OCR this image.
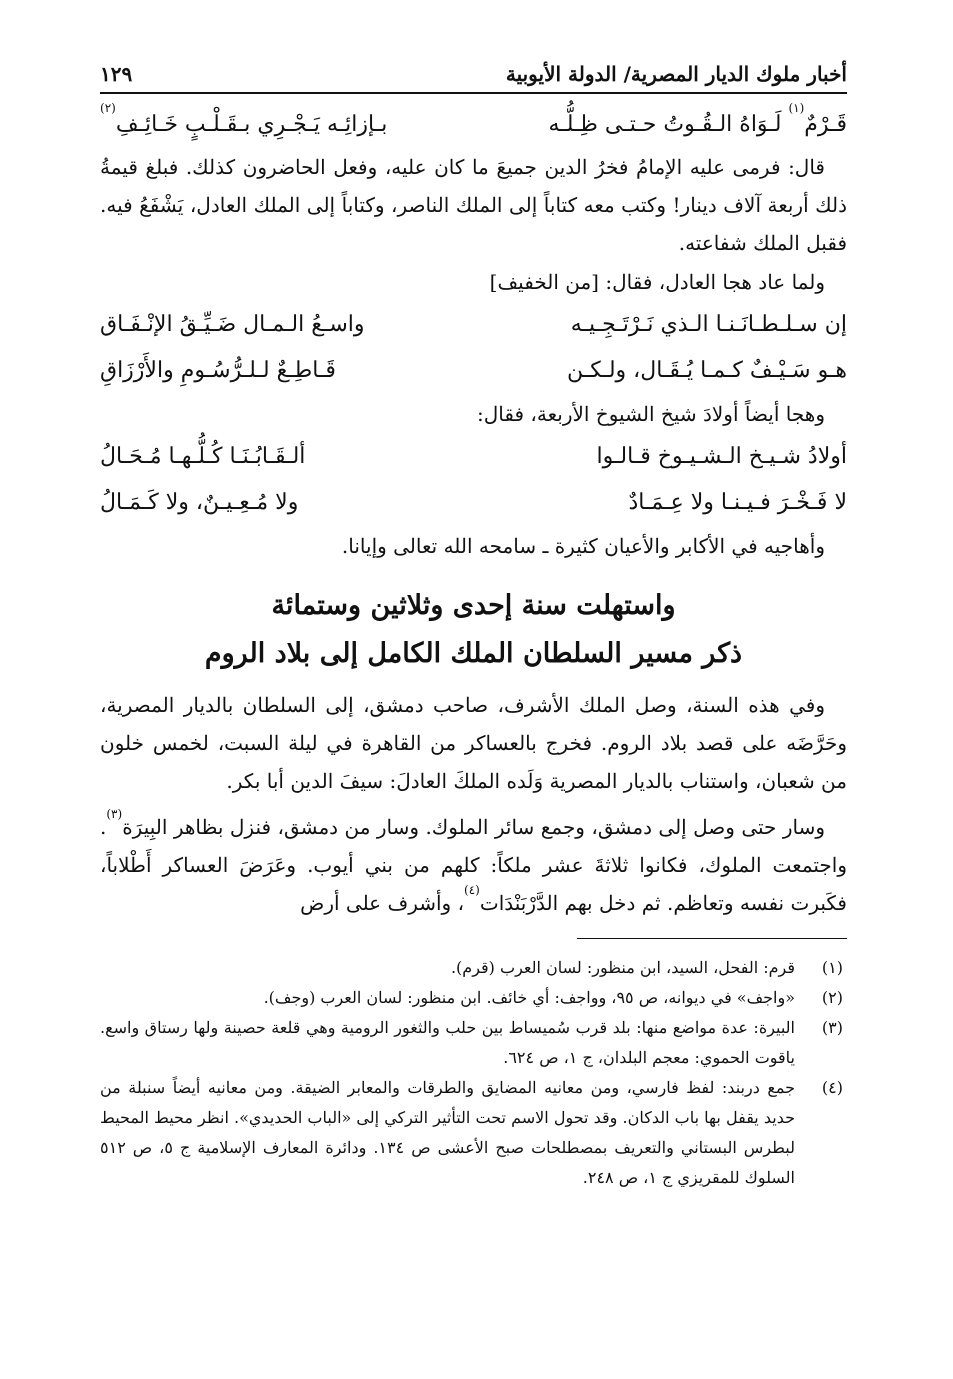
أخبار ملوك الديار المصرية/ الدولة الأيوبية
١٢٩
قَـرْمٌ$^{(١)}$ لَـوَاهُ الـقُـوتُ حـتـى ظِـلُّـه
بـإزائِـه يَـجْـرِي بـقَـلْـبٍ خَـائِـفِ$^{(٢)}$

قال: فرمى عليه الإمامُ فخرُ الدين جميعَ ما كان عليه، وفعل الحاضرون كذلك. فبلغ قيمةُ ذلك أربعة آلاف دينار! وكتب معه كتاباً إلى الملك الناصر، وكتاباً إلى الملك العادل، يَشْفَعُ فيه. فقبل الملك شفاعته.

ولما عاد هجا العادل، فقال: [من الخفيف]
إن سـلـطـانَـنـا الـذي نَـرْتَـجِـيـه
واسـعُ الـمـال ضَـيِّـقُ الإنْـفَـاق
هـو سَـيْـفٌ كـمـا يُـقَـال، ولـكـن
قَـاطِـعٌ لـلـرُّسُـومِ والأَرْزَاقِ
وهجا أيضاً أولادَ شيخ الشيوخ الأربعة، فقال:
أولادُ شـيـخ الـشـيـوخ قـالـوا
ألـقَـابُـنَـا كُـلُّـهـا مُـحَـالُ
لا فَـخْـرَ فـيـنـا ولا عِـمَـادٌ
ولا مُـعِـيـنٌ، ولا كَـمَـالُ
وأهاجيه في الأكابر والأعيان كثيرة ـ سامحه الله تعالى وإيانا.
واستهلت سنة إحدى وثلاثين وستمائة
ذكر مسير السلطان الملك الكامل إلى بلاد الروم

وفي هذه السنة، وصل الملك الأشرف، صاحب دمشق، إلى السلطان بالديار المصرية، وحَرَّضَه على قصد بلاد الروم. فخرج بالعساكر من القاهرة في ليلة السبت، لخمس خلون من شعبان، واستناب بالديار المصرية وَلَده الملكَ العادلَ: سيفَ الدين أبا بكر.

وسار حتى وصل إلى دمشق، وجمع سائر الملوك. وسار من دمشق، فنزل بظاهر البِيرَة$^{(٣)}$. واجتمعت الملوك، فكانوا ثلاثةَ عشر ملكاً: كلهم من بني أيوب. وعَرَضَ العساكر أَطْلاباً، فكَبرت نفسه وتعاظم. ثم دخل بهم الدَّرْبَنْدَات$^{(٤)}$، وأشرف على أرض

(١)
قرم: الفحل، السيد، ابن منظور: لسان العرب (قرم).
(٢)
«واجف» في ديوانه، ص ٩٥، وواجف: أي خائف. ابن منظور: لسان العرب (وجف).
(٣)
البيرة: عدة مواضع منها: بلد قرب سُميساط بين حلب والثغور الرومية وهي قلعة حصينة ولها رستاق واسع. ياقوت الحموي: معجم البلدان، ج ١، ص ٦٢٤.
(٤)
جمع دربند: لفظ فارسي، ومن معانيه المضايق والطرقات والمعابر الضيقة. ومن معانيه أيضاً سنبلة من حديد يقفل بها باب الدكان. وقد تحول الاسم تحت التأثير التركي إلى «الباب الحديدي». انظر محيط المحيط لبطرس البستاني والتعريف بمصطلحات صبح الأعشى ص ١٣٤. ودائرة المعارف الإسلامية ج ٥، ص ٥١٢ السلوك للمقريزي ج ١، ص ٢٤٨.
